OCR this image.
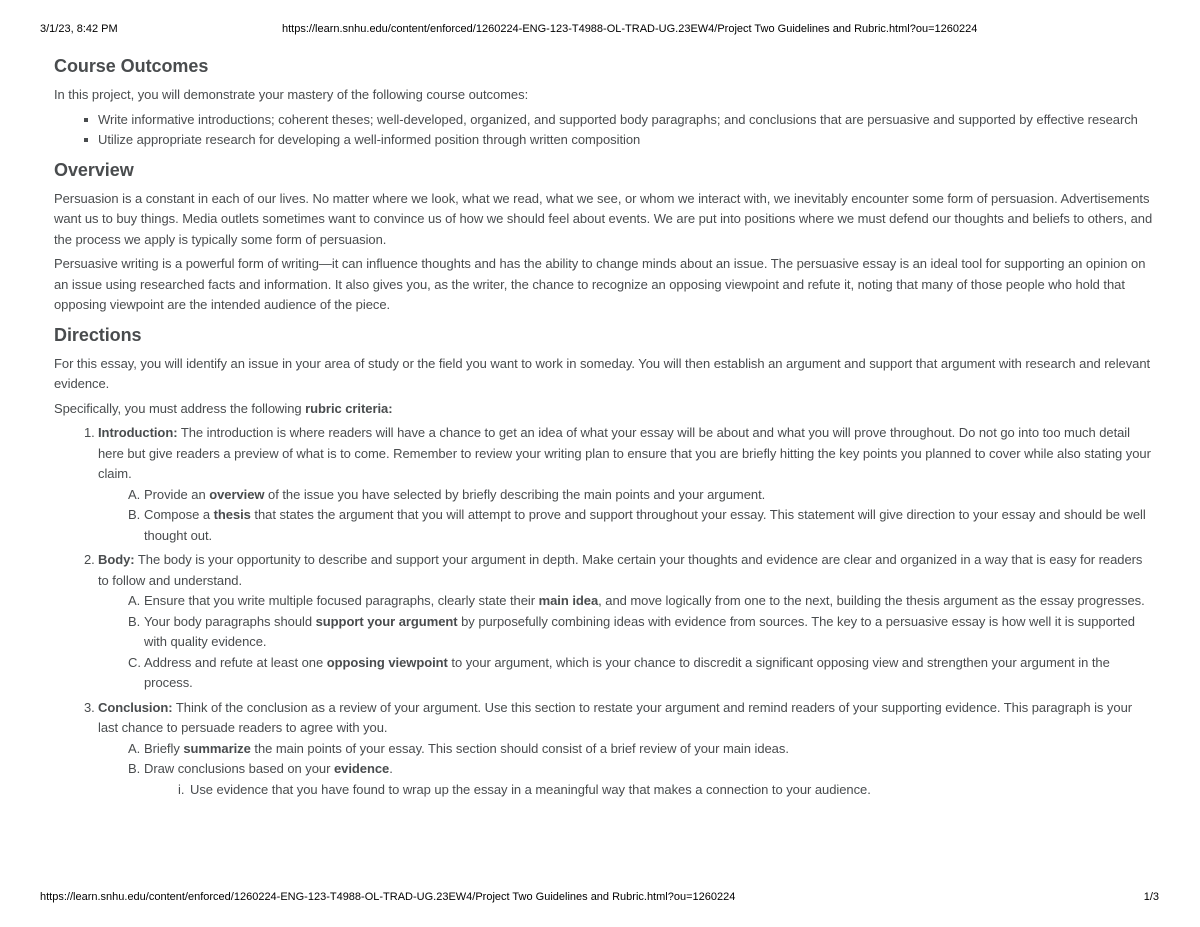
3/1/23, 8:42 PM	https://learn.snhu.edu/content/enforced/1260224-ENG-123-T4988-OL-TRAD-UG.23EW4/Project Two Guidelines and Rubric.html?ou=1260224
Course Outcomes

In this project, you will demonstrate your mastery of the following course outcomes:

Write informative introductions; coherent theses; well-developed, organized, and supported body paragraphs; and conclusions that are persuasive and supported by effective research
Utilize appropriate research for developing a well-informed position through written composition
Overview

Persuasion is a constant in each of our lives. No matter where we look, what we read, what we see, or whom we interact with, we inevitably encounter some form of persuasion. Advertisements want us to buy things. Media outlets sometimes want to convince us of how we should feel about events. We are put into positions where we must defend our thoughts and beliefs to others, and the process we apply is typically some form of persuasion.

Persuasive writing is a powerful form of writing—it can influence thoughts and has the ability to change minds about an issue. The persuasive essay is an ideal tool for supporting an opinion on an issue using researched facts and information. It also gives you, as the writer, the chance to recognize an opposing viewpoint and refute it, noting that many of those people who hold that opposing viewpoint are the intended audience of the piece.

Directions

For this essay, you will identify an issue in your area of study or the field you want to work in someday. You will then establish an argument and support that argument with research and relevant evidence.

Specifically, you must address the following rubric criteria:

1. Introduction: The introduction is where readers will have a chance to get an idea of what your essay will be about and what you will prove throughout. Do not go into too much detail here but give readers a preview of what is to come. Remember to review your writing plan to ensure that you are briefly hitting the key points you planned to cover while also stating your claim.
A. Provide an overview of the issue you have selected by briefly describing the main points and your argument.
B. Compose a thesis that states the argument that you will attempt to prove and support throughout your essay. This statement will give direction to your essay and should be well thought out.
2. Body: The body is your opportunity to describe and support your argument in depth. Make certain your thoughts and evidence are clear and organized in a way that is easy for readers to follow and understand.
A. Ensure that you write multiple focused paragraphs, clearly state their main idea, and move logically from one to the next, building the thesis argument as the essay progresses.
B. Your body paragraphs should support your argument by purposefully combining ideas with evidence from sources. The key to a persuasive essay is how well it is supported with quality evidence.
C. Address and refute at least one opposing viewpoint to your argument, which is your chance to discredit a significant opposing view and strengthen your argument in the process.
3. Conclusion: Think of the conclusion as a review of your argument. Use this section to restate your argument and remind readers of your supporting evidence. This paragraph is your last chance to persuade readers to agree with you.
A. Briefly summarize the main points of your essay. This section should consist of a brief review of your main ideas.
B. Draw conclusions based on your evidence.
i. Use evidence that you have found to wrap up the essay in a meaningful way that makes a connection to your audience.
https://learn.snhu.edu/content/enforced/1260224-ENG-123-T4988-OL-TRAD-UG.23EW4/Project Two Guidelines and Rubric.html?ou=1260224	1/3
